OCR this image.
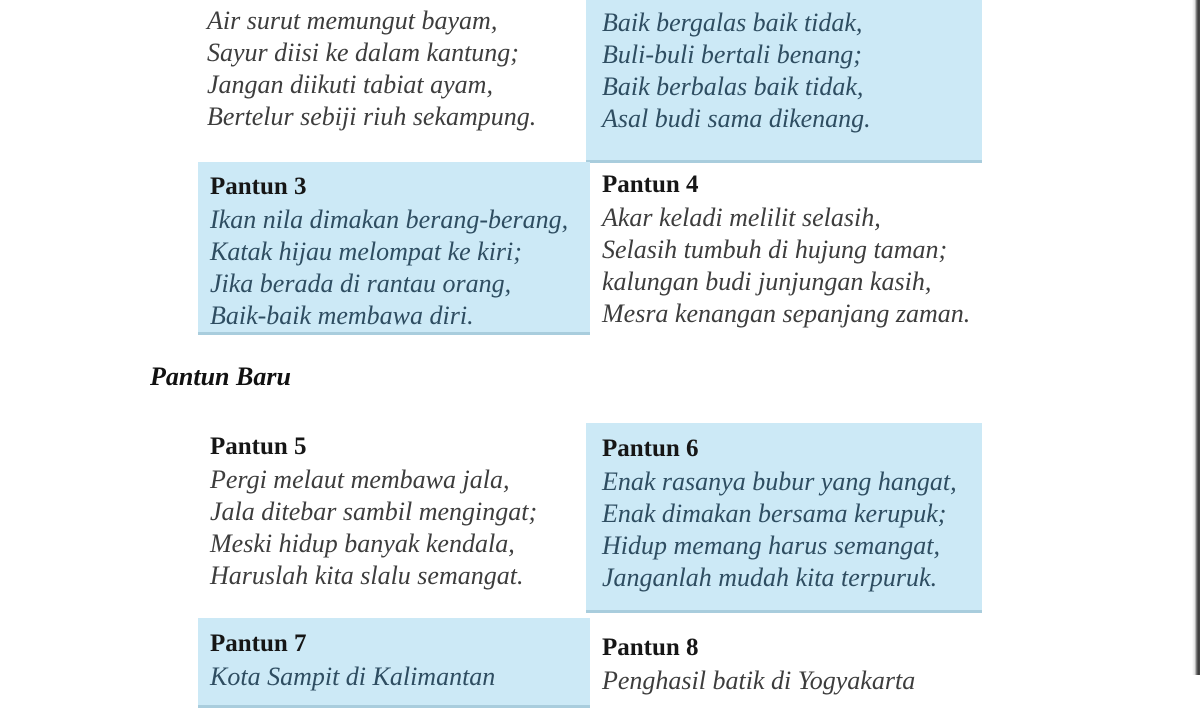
Air surut memungut bayam,

Sayur diisi ke dalam kantung;

Jangan diikuti tabiat ayam,

Bertelur sebiji riuh sekampung.

Baik bergalas baik tidak,

Buli-buli bertali benang;

Baik berbalas baik tidak,

Asal budi sama dikenang.

Pantun 3

Ikan nila dimakan berang-berang,

Katak hijau melompat ke kiri;

Jika berada di rantau orang,

Baik-baik membawa diri.

Pantun 4

Akar keladi melilit selasih,

Selasih tumbuh di hujung taman;

kalungan budi junjungan kasih,

Mesra kenangan sepanjang zaman.

Pantun Baru
Pantun 5

Pergi melaut membawa jala,

Jala ditebar sambil mengingat;

Meski hidup banyak kendala,

Haruslah kita slalu semangat.

Pantun 6

Enak rasanya bubur yang hangat,

Enak dimakan bersama kerupuk;

Hidup memang harus semangat,

Janganlah mudah kita terpuruk.

Pantun 7

Kota Sampit di Kalimantan

Pantun 8

Penghasil batik di Yogyakarta
